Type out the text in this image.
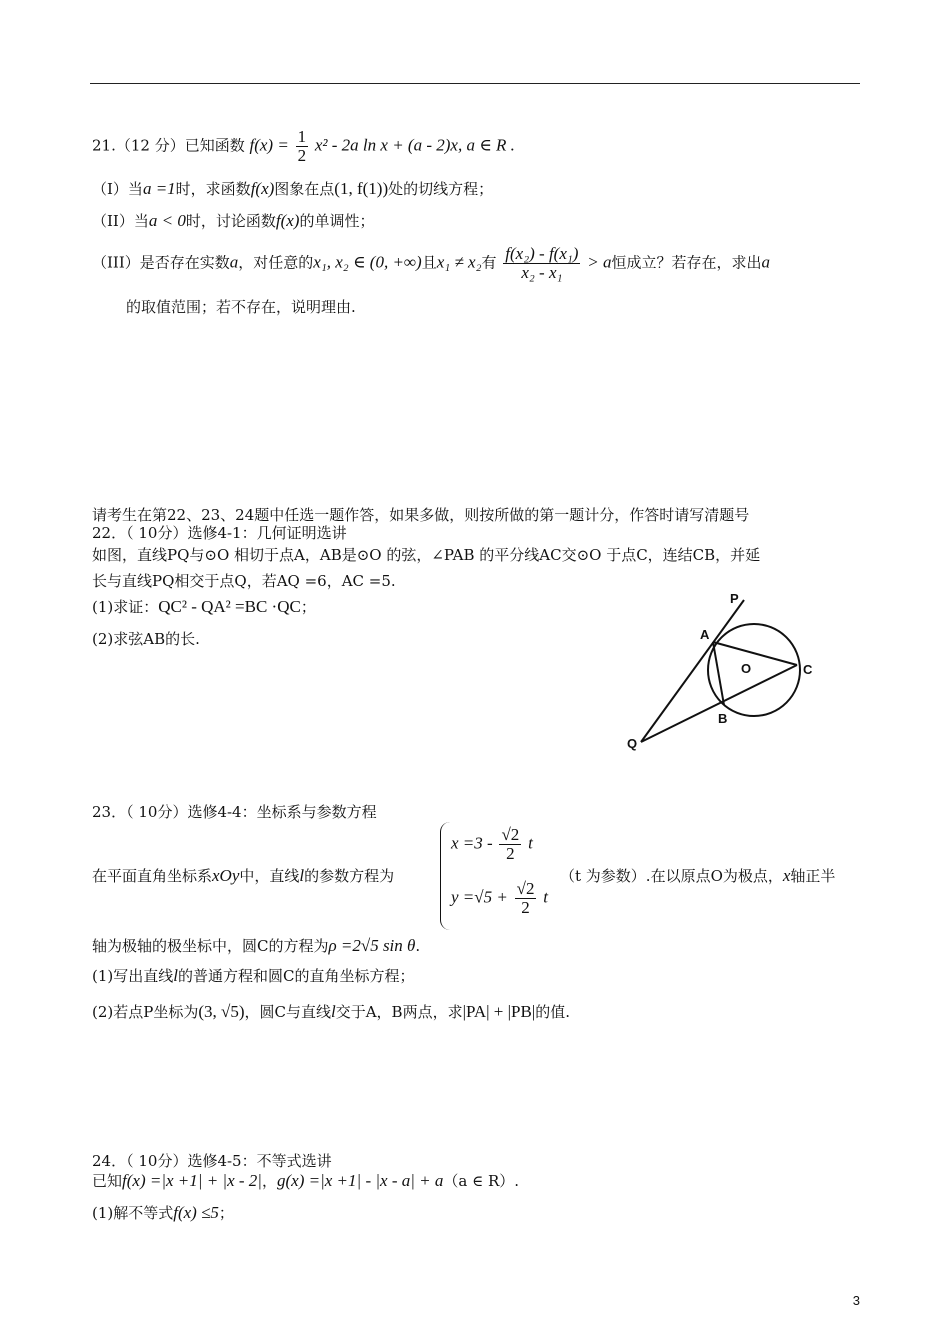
21.（12 分）已知函数 $f(x) = \frac{1}{2} x^2 - 2a$ ln x + (a - 2)x, a ∈ R .
（I）当a =1时，求函数f(x)图象在点(1, f(1))处的切线方程；
（II）当a < 0时，讨论函数f(x)的单调性；
（III）是否存在实数a，对任意的x₁, x₂ ∈ (0, +∞)且x₁ ≠ x₂有 $\frac{\text{f(x₂) - f(x₁)}}{\text{x₂ - x₁}} > a$恒成立？若存在，求出a
的取值范围；若不存在，说明理由.
请考生在第22、23、24题中任选一题作答，如果多做，则按所做的第一题计分，作答时请写清题号
22．（ 10分）选修4-1：几何证明选讲
如图，直线PQ与⊙O 相切于点A，AB是⊙O 的弦，∠PAB 的平分线AC交⊙O 于点C，连结CB，并延
长与直线PQ相交于点Q，若AQ =6，AC =5.
(1)求证：QC² - QA² =BC ·QC；
(2)求弦AB的长.
P
A
O	C
B
Q
23．（ 10分）选修4-4：坐标系与参数方程
在平面直角坐标系xOy中，直线l的参数方程为
$x =3 - \frac{√2}{2}$ t
$y =√5 + \frac{√2}{2}$ t
（t 为参数）.在以原点O为极点，x轴正半
轴为极轴的极坐标中，圆C的方程为ρ =2√5 sin θ.
(1)写出直线l的普通方程和圆C的直角坐标方程；
(2)若点P坐标为(3, √5)，圆C与直线l交于A，B两点，求|PA| + |PB|的值.
24．（ 10分）选修4-5：不等式选讲
已知f(x) =|x +1| + |x - 2|，g(x) =|x +1| - |x - a| + a（a ∈ R）.
(1)解不等式f(x) ≤5；
3
